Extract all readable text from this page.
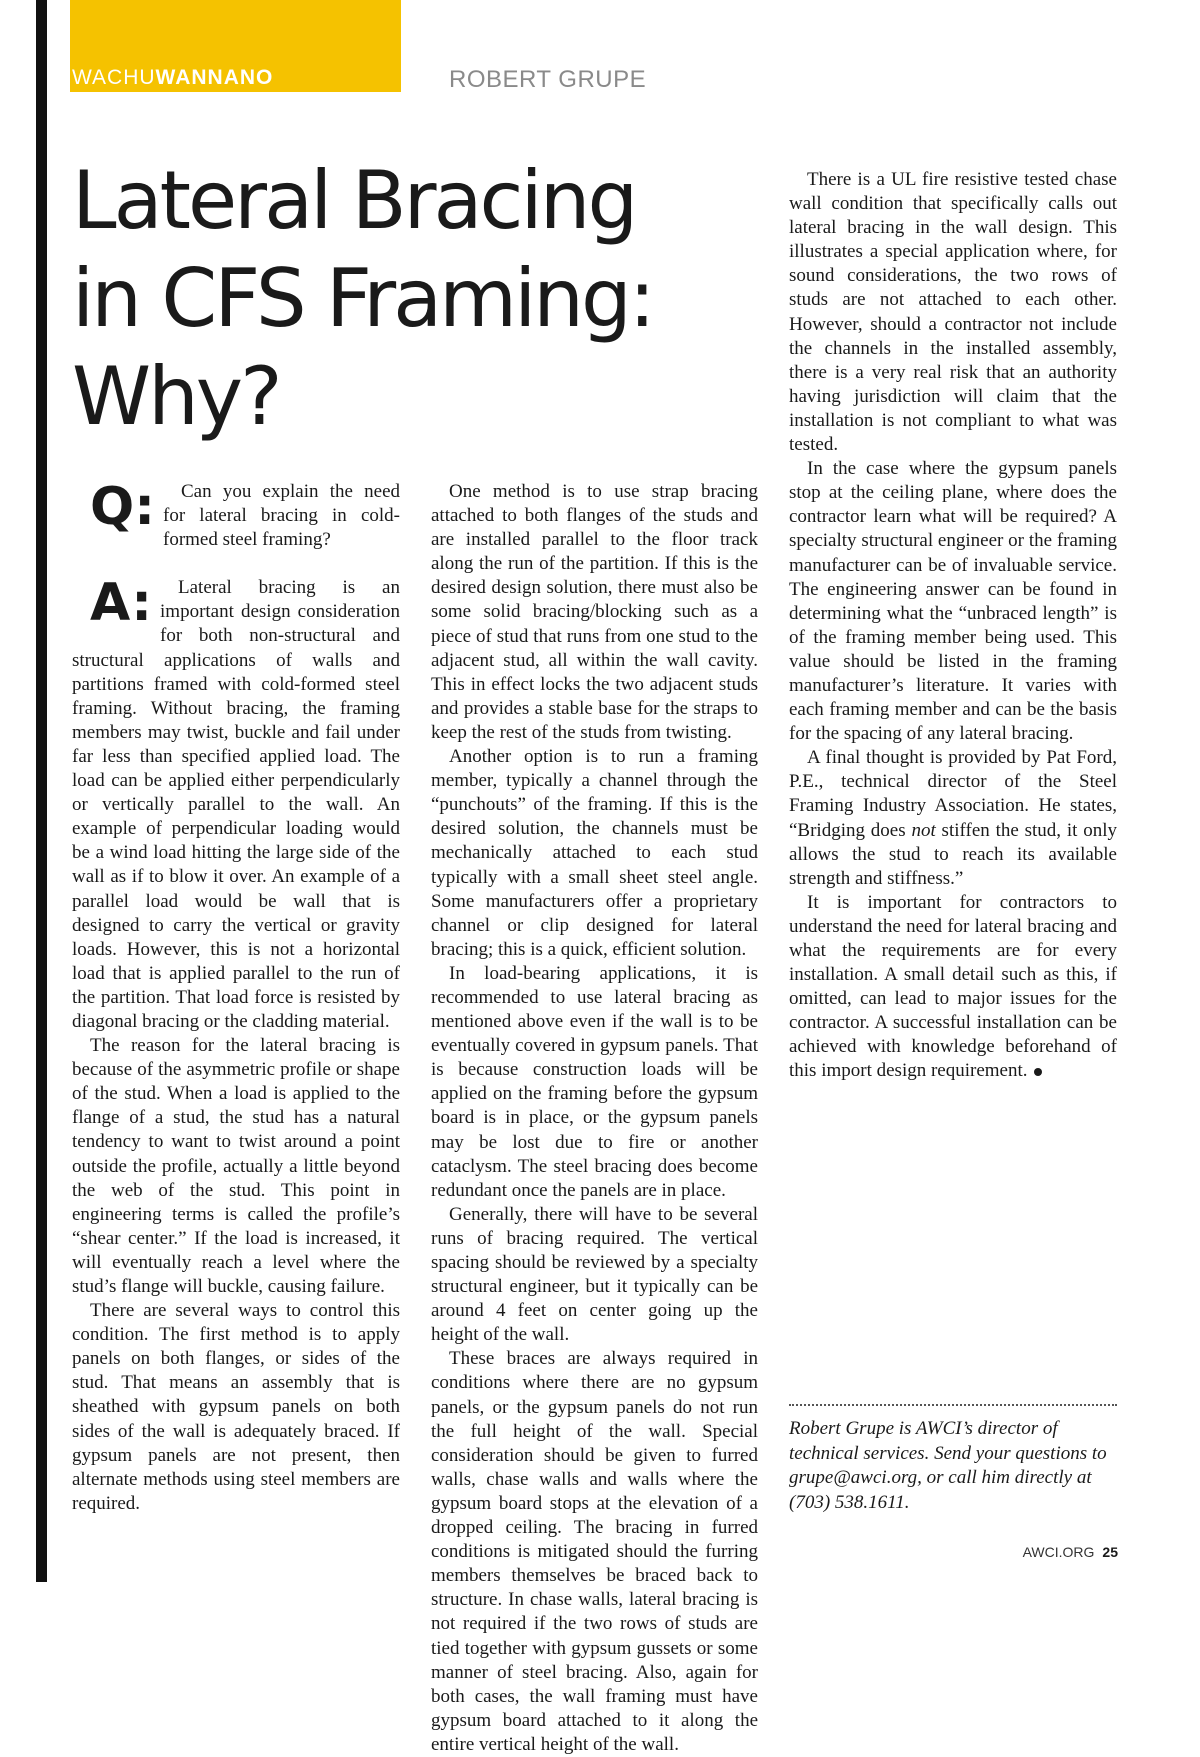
WACHUWANNANO	ROBERT GRUPE
Lateral Bracing
in CFS Framing:
Why?

Q: Can you explain the need for lateral bracing in cold-formed steel framing?

A: Lateral bracing is an important design consideration for both non-structural and structural applications of walls and partitions framed with cold-formed steel framing. Without bracing, the framing members may twist, buckle and fail under far less than specified applied load. The load can be applied either perpendicularly or vertically parallel to the wall. An example of perpendicular loading would be a wind load hitting the large side of the wall as if to blow it over. An example of a parallel load would be wall that is designed to carry the vertical or gravity loads. However, this is not a horizontal load that is applied parallel to the run of the partition. That load force is resisted by diagonal bracing or the cladding material.

The reason for the lateral bracing is because of the asymmetric profile or shape of the stud. When a load is applied to the flange of a stud, the stud has a natural tendency to want to twist around a point outside the profile, actually a little beyond the web of the stud. This point in engineering terms is called the profile’s “shear center.” If the load is increased, it will eventually reach a level where the stud’s flange will buckle, causing failure.

There are several ways to control this condition. The first method is to apply panels on both flanges, or sides of the stud. That means an assembly that is sheathed with gypsum panels on both sides of the wall is adequately braced. If gypsum panels are not present, then alternate methods using steel members are required.

One method is to use strap bracing attached to both flanges of the studs and are installed parallel to the floor track along the run of the partition. If this is the desired design solution, there must also be some solid bracing/blocking such as a piece of stud that runs from one stud to the adjacent stud, all within the wall cavity. This in effect locks the two adjacent studs and provides a stable base for the straps to keep the rest of the studs from twisting.

Another option is to run a framing member, typically a channel through the “punchouts” of the framing. If this is the desired solution, the channels must be mechanically attached to each stud typically with a small sheet steel angle. Some manufacturers offer a proprietary channel or clip designed for lateral bracing; this is a quick, efficient solution.

In load-bearing applications, it is recommended to use lateral bracing as mentioned above even if the wall is to be eventually covered in gypsum panels. That is because construction loads will be applied on the framing before the gypsum board is in place, or the gypsum panels may be lost due to fire or another cataclysm. The steel bracing does become redundant once the panels are in place.

Generally, there will have to be several runs of bracing required. The vertical spacing should be reviewed by a specialty structural engineer, but it typically can be around 4 feet on center going up the height of the wall.

These braces are always required in conditions where there are no gypsum panels, or the gypsum panels do not run the full height of the wall. Special consideration should be given to furred walls, chase walls and walls where the gypsum board stops at the elevation of a dropped ceiling. The bracing in furred conditions is mitigated should the furring members themselves be braced back to structure. In chase walls, lateral bracing is not required if the two rows of studs are tied together with gypsum gussets or some manner of steel bracing. Also, again for both cases, the wall framing must have gypsum board attached to it along the entire vertical height of the wall.

There is a UL fire resistive tested chase wall condition that specifically calls out lateral bracing in the wall design. This illustrates a special application where, for sound considerations, the two rows of studs are not attached to each other. However, should a contractor not include the channels in the installed assembly, there is a very real risk that an authority having jurisdiction will claim that the installation is not compliant to what was tested.

In the case where the gypsum panels stop at the ceiling plane, where does the contractor learn what will be required? A specialty structural engineer or the framing manufacturer can be of invaluable service. The engineering answer can be found in determining what the “unbraced length” is of the framing member being used. This value should be listed in the framing manufacturer’s literature. It varies with each framing member and can be the basis for the spacing of any lateral bracing.

A final thought is provided by Pat Ford, P.E., technical director of the Steel Framing Industry Association. He states, “Bridging does not stiffen the stud, it only allows the stud to reach its available strength and stiffness.”

It is important for contractors to understand the need for lateral bracing and what the requirements are for every installation. A small detail such as this, if omitted, can lead to major issues for the contractor. A successful installation can be achieved with knowledge beforehand of this import design requirement.

Robert Grupe is AWCI’s director of technical services. Send your questions to grupe@awci.org, or call him directly at (703) 538.1611.
AWCI.ORG 25
